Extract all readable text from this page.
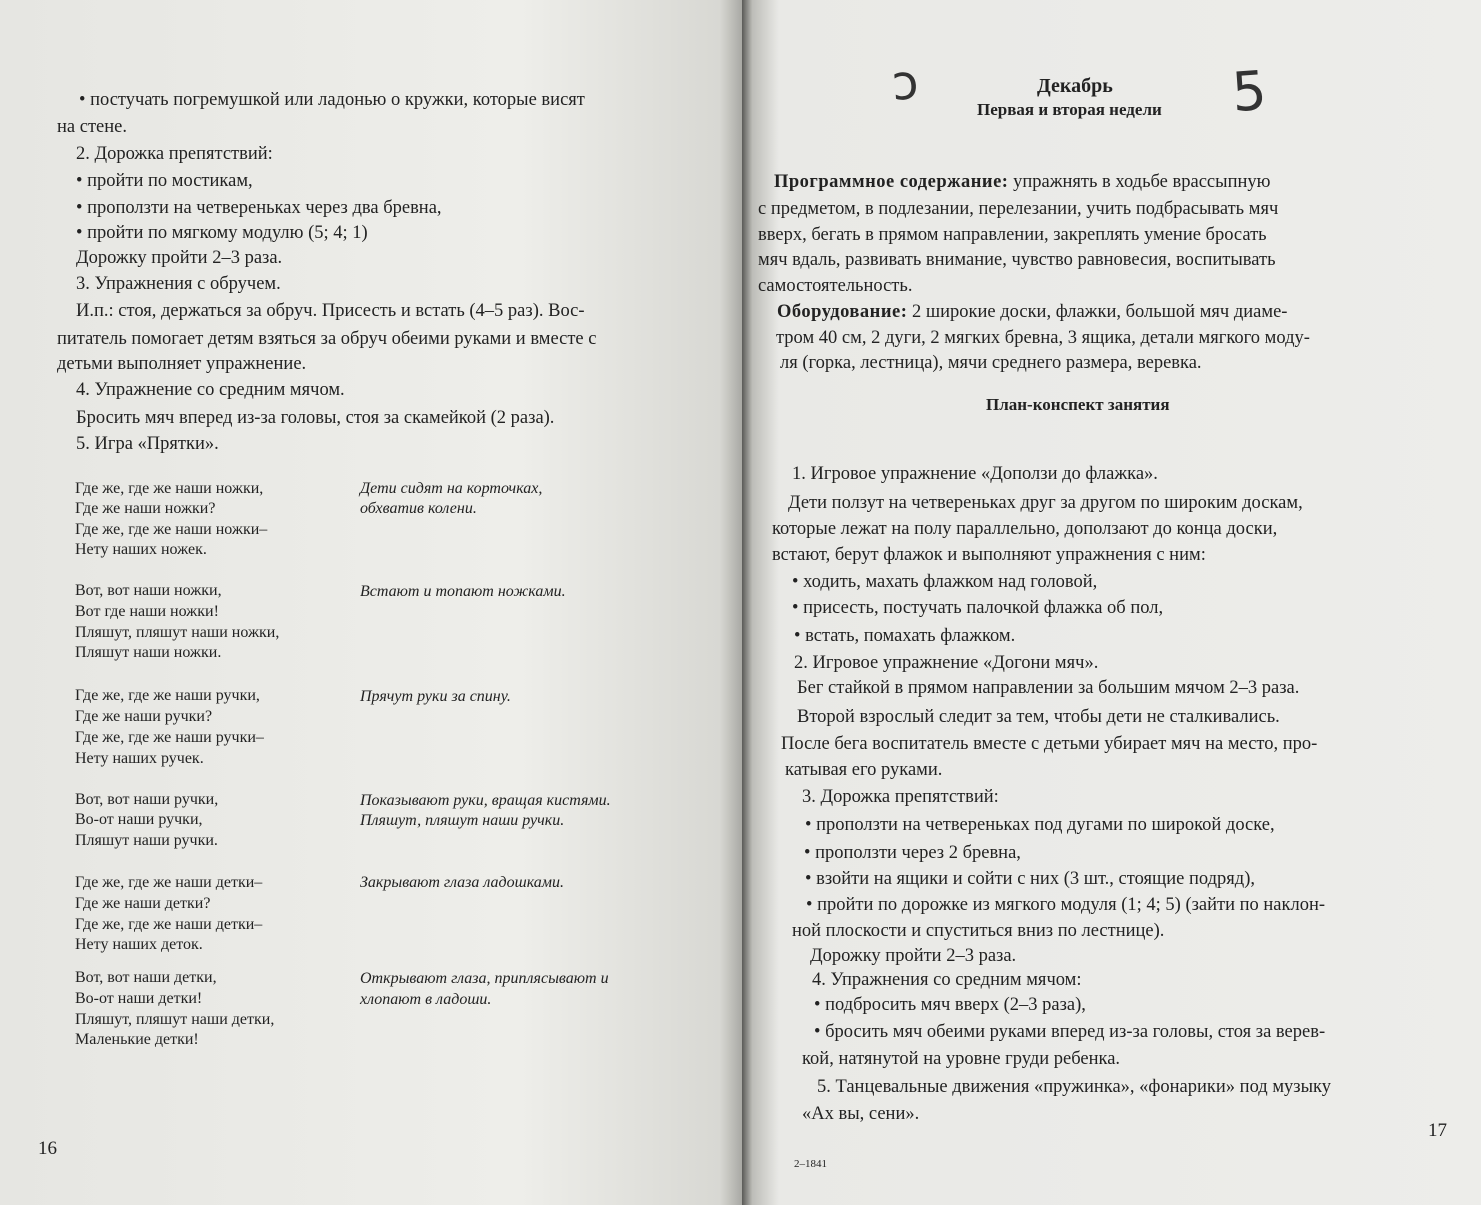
• постучать погремушкой или ладонью о кружки, которые висят
на стене.
2. Дорожка препятствий:
• пройти по мостикам,
• проползти на четвереньках через два бревна,
• пройти по мягкому модулю (5; 4; 1)
Дорожку пройти 2–3 раза.
3. Упражнения с обручем.
И.п.: стоя, держаться за обруч. Присесть и встать (4–5 раз). Вос-
питатель помогает детям взяться за обруч обеими руками и вместе с
детьми выполняет упражнение.
4. Упражнение со средним мячом.
Бросить мяч вперед из-за головы, стоя за скамейкой (2 раза).
5. Игра «Прятки».
Где же, где же наши ножки,
Где же наши ножки?
Где же, где же наши ножки–
Нету наших ножек.
Дети сидят на корточках,
обхватив колени.
Вот, вот наши ножки,
Вот где наши ножки!
Пляшут, пляшут наши ножки,
Пляшут наши ножки.
Встают и топают ножками.
Где же, где же наши ручки,
Где же наши ручки?
Где же, где же наши ручки–
Нету наших ручек.
Прячут руки за спину.
Вот, вот наши ручки,
Во-от наши ручки,
Пляшут наши ручки.
Показывают руки, вращая кистями.
Пляшут, пляшут наши ручки.
Где же, где же наши детки–
Где же наши детки?
Где же, где же наши детки–
Нету наших деток.
Закрывают глаза ладошками.
Вот, вот наши детки,
Во-от наши детки!
Пляшут, пляшут наши детки,
Маленькие детки!
Открывают глаза, приплясывают и
хлопают в ладоши.
16
ↄ	Декабрь
Первая и вторая недели 5
Программное содержание: упражнять в ходьбе врассыпную
с предметом, в подлезании, перелезании, учить подбрасывать мяч
вверх, бегать в прямом направлении, закреплять умение бросать
мяч вдаль, развивать внимание, чувство равновесия, воспитывать
самостоятельность.
Оборудование: 2 широкие доски, флажки, большой мяч диаме-
тром 40 см, 2 дуги, 2 мягких бревна, 3 ящика, детали мягкого моду-
ля (горка, лестница), мячи среднего размера, веревка.
План-конспект занятия
1. Игровое упражнение «Доползи до флажка».
Дети ползут на четвереньках друг за другом по широким доскам,
которые лежат на полу параллельно, доползают до конца доски,
встают, берут флажок и выполняют упражнения с ним:
• ходить, махать флажком над головой,
• присесть, постучать палочкой флажка об пол,
• встать, помахать флажком.
2. Игровое упражнение «Догони мяч».
Бег стайкой в прямом направлении за большим мячом 2–3 раза.
Второй взрослый следит за тем, чтобы дети не сталкивались.
После бега воспитатель вместе с детьми убирает мяч на место, про-
катывая его руками.
3. Дорожка препятствий:
• проползти на четвереньках под дугами по широкой доске,
• проползти через 2 бревна,
• взойти на ящики и сойти с них (3 шт., стоящие подряд),
• пройти по дорожке из мягкого модуля (1; 4; 5) (зайти по наклон-
ной плоскости и спуститься вниз по лестнице).
Дорожку пройти 2–3 раза.
4. Упражнения со средним мячом:
• подбросить мяч вверх (2–3 раза),
• бросить мяч обеими руками вперед из-за головы, стоя за верев-
кой, натянутой на уровне груди ребенка.
5. Танцевальные движения «пружинка», «фонарики» под музыку
«Ах вы, сени».
2–1841
17
